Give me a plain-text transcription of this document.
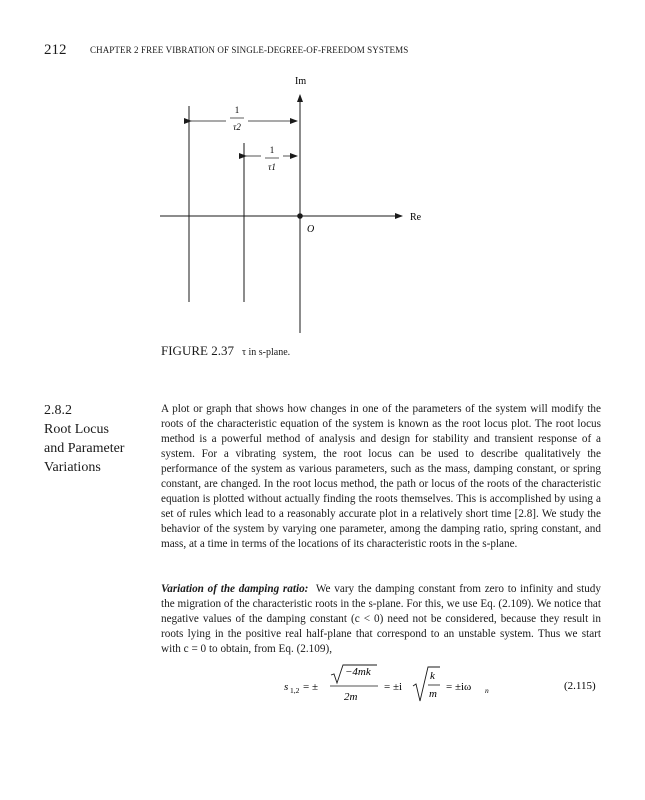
212	CHAPTER 2 FREE VIBRATION OF SINGLE-DEGREE-OF-FREEDOM SYSTEMS
Re
Im
O
1
τ2
1
τ1
FIGURE 2.37 τ in s-plane.
2.8.2
Root Locus
and Parameter
Variations
A plot or graph that shows how changes in one of the parameters of the system will modify the roots of the characteristic equation of the system is known as the root locus plot. The root locus method is a powerful method of analysis and design for stability and transient response of a system. For a vibrating system, the root locus can be used to describe qualitatively the performance of the system as various parameters, such as the mass, damping constant, or spring constant, are changed. In the root locus method, the path or locus of the roots of the characteristic equation is plotted without actually finding the roots themselves. This is accomplished by using a set of rules which lead to a reasonably accurate plot in a relatively short time [2.8]. We study the behavior of the system by varying one parameter, among the damping ratio, spring constant, and mass, at a time in terms of the locations of its characteristic roots in the s-plane.
Variation of the damping ratio: We vary the damping constant from zero to infinity and study the migration of the characteristic roots in the s-plane. For this, we use Eq. (2.109). We notice that negative values of the damping constant (c < 0) need not be considered, because they result in roots lying in the positive real half-plane that correspond to an unstable system. Thus we start with c = 0 to obtain, from Eq. (2.109),
s 1,2 = ±
−4mk
2m
= ±i
k
m
= ±iω n	(2.115)
